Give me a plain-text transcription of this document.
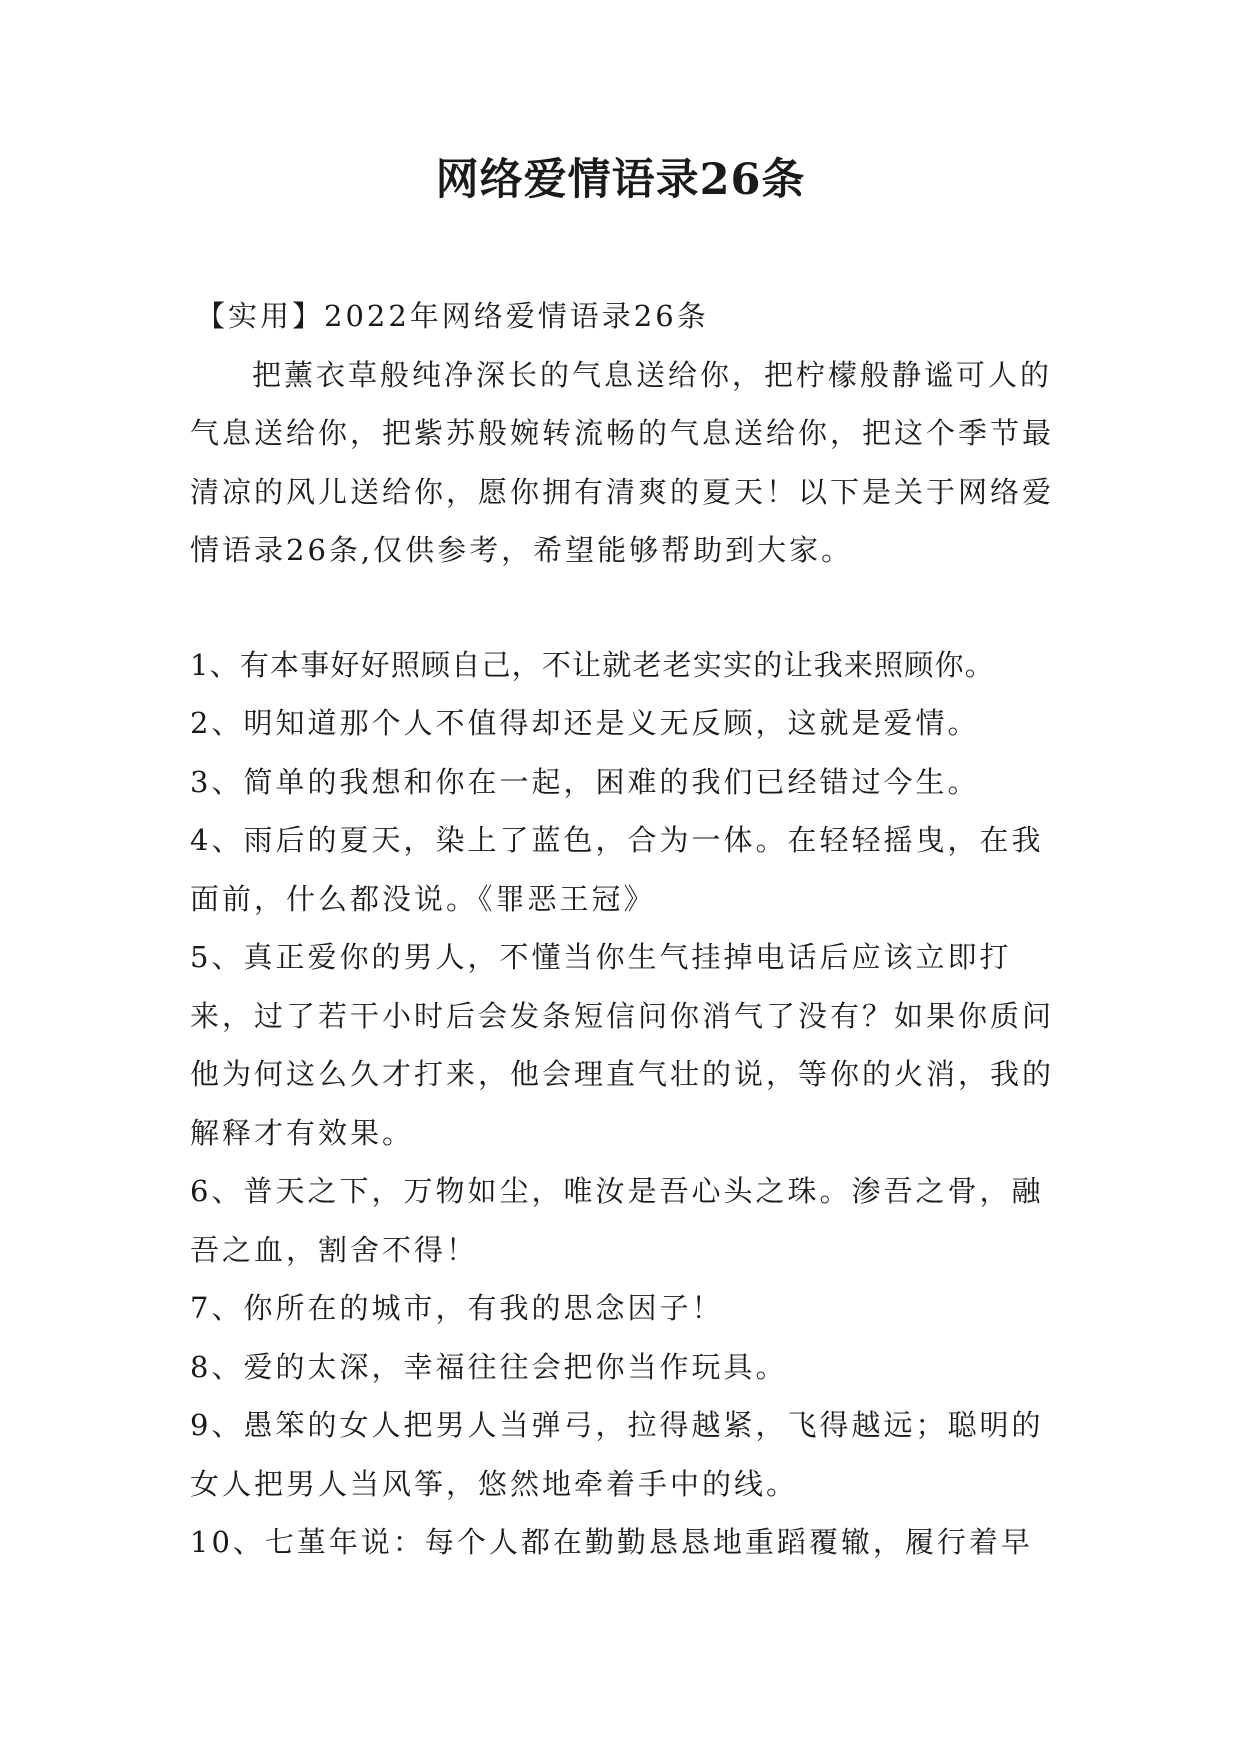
网络爱情语录26条

【实用】2022年网络爱情语录26条

把薰衣草般纯净深长的气息送给你，把柠檬般静谧可人的气息送给你，把紫苏般婉转流畅的气息送给你，把这个季节最清凉的风儿送给你，愿你拥有清爽的夏天！以下是关于网络爱情语录26条,仅供参考，希望能够帮助到大家。

1、有本事好好照顾自己，不让就老老实实的让我来照顾你。

2、明知道那个人不值得却还是义无反顾，这就是爱情。

3、简单的我想和你在一起，困难的我们已经错过今生。

4、雨后的夏天，染上了蓝色，合为一体。在轻轻摇曳，在我面前，什么都没说。《罪恶王冠》

5、真正爱你的男人，不懂当你生气挂掉电话后应该立即打来，过了若干小时后会发条短信问你消气了没有？如果你质问他为何这么久才打来，他会理直气壮的说，等你的火消，我的解释才有效果。

6、普天之下，万物如尘，唯汝是吾心头之珠。渗吾之骨，融吾之血，割舍不得！

7、你所在的城市，有我的思念因子！

8、爱的太深，幸福往往会把你当作玩具。

9、愚笨的女人把男人当弹弓，拉得越紧，飞得越远；聪明的女人把男人当风筝，悠然地牵着手中的线。

10、七堇年说：每个人都在勤勤恳恳地重蹈覆辙，履行着早
